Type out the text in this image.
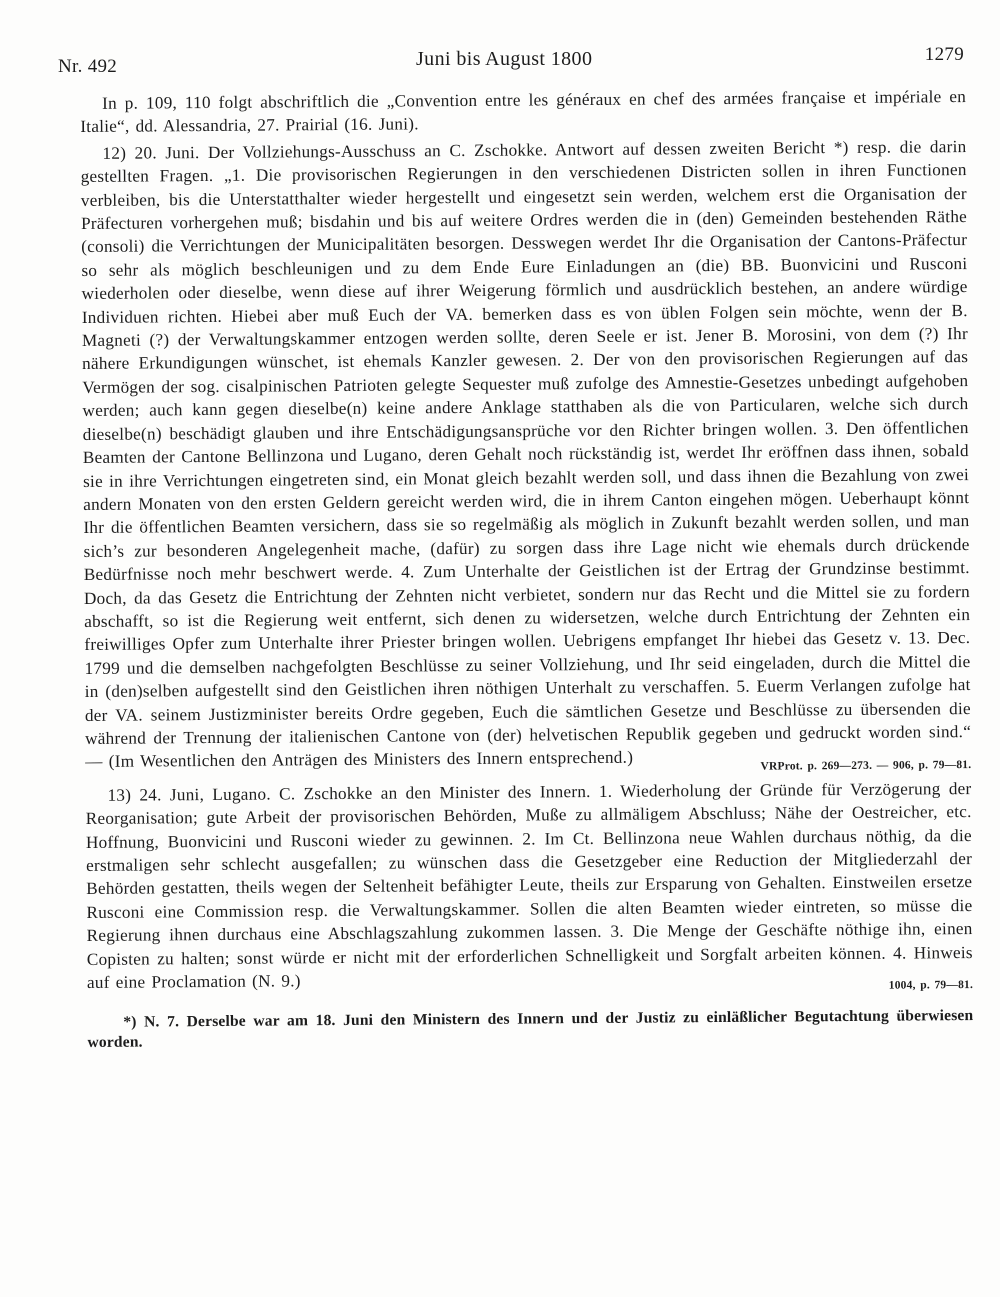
Nr. 492	Juni bis August 1800	1279

In p. 109, 110 folgt abschriftlich die „Convention entre les généraux en chef des armées française et impériale en Italie“, dd. Alessandria, 27. Prairial (16. Juni).

12) 20. Juni. Der Vollziehungs-Ausschuss an C. Zschokke. Antwort auf dessen zweiten Bericht *) resp. die darin gestellten Fragen. „1. Die provisorischen Regierungen in den verschiedenen Districten sollen in ihren Functionen verbleiben, bis die Unterstatthalter wieder hergestellt und eingesetzt sein werden, welchem erst die Organisation der Präfecturen vorhergehen muß; bisdahin und bis auf weitere Ordres werden die in (den) Gemeinden bestehenden Räthe (consoli) die Verrichtungen der Municipalitäten besorgen. Desswegen werdet Ihr die Organisation der Cantons-Präfectur so sehr als möglich beschleunigen und zu dem Ende Eure Einladungen an (die) BB. Buonvicini und Rusconi wiederholen oder dieselbe, wenn diese auf ihrer Weigerung förmlich und ausdrücklich bestehen, an andere würdige Individuen richten. Hiebei aber muß Euch der VA. bemerken dass es von üblen Folgen sein möchte, wenn der B. Magneti (?) der Verwaltungskammer entzogen werden sollte, deren Seele er ist. Jener B. Morosini, von dem (?) Ihr nähere Erkundigungen wünschet, ist ehemals Kanzler gewesen. 2. Der von den provisorischen Regierungen auf das Vermögen der sog. cisalpinischen Patrioten gelegte Sequester muß zufolge des Amnestie-Gesetzes unbedingt aufgehoben werden; auch kann gegen dieselbe(n) keine andere Anklage statthaben als die von Particularen, welche sich durch dieselbe(n) beschädigt glauben und ihre Entschädigungsansprüche vor den Richter bringen wollen. 3. Den öffentlichen Beamten der Cantone Bellinzona und Lugano, deren Gehalt noch rückständig ist, werdet Ihr eröffnen dass ihnen, sobald sie in ihre Verrichtungen eingetreten sind, ein Monat gleich bezahlt werden soll, und dass ihnen die Bezahlung von zwei andern Monaten von den ersten Geldern gereicht werden wird, die in ihrem Canton eingehen mögen. Ueberhaupt könnt Ihr die öffentlichen Beamten versichern, dass sie so regelmäßig als möglich in Zukunft bezahlt werden sollen, und man sich’s zur besonderen Angelegenheit mache, (dafür) zu sorgen dass ihre Lage nicht wie ehemals durch drückende Bedürfnisse noch mehr beschwert werde. 4. Zum Unterhalte der Geistlichen ist der Ertrag der Grundzinse bestimmt. Doch, da das Gesetz die Entrichtung der Zehnten nicht verbietet, sondern nur das Recht und die Mittel sie zu fordern abschafft, so ist die Regierung weit entfernt, sich denen zu widersetzen, welche durch Entrichtung der Zehnten ein freiwilliges Opfer zum Unterhalte ihrer Priester bringen wollen. Uebrigens empfanget Ihr hiebei das Gesetz v. 13. Dec. 1799 und die demselben nachgefolgten Beschlüsse zu seiner Vollziehung, und Ihr seid eingeladen, durch die Mittel die in (den)selben aufgestellt sind den Geistlichen ihren nöthigen Unterhalt zu verschaffen. 5. Euerm Verlangen zufolge hat der VA. seinem Justizminister bereits Ordre gegeben, Euch die sämtlichen Gesetze und Beschlüsse zu übersenden die während der Trennung der italienischen Cantone von (der) helvetischen Republik gegeben und gedruckt worden sind.“ — (Im Wesentlichen den Anträgen des Ministers des Innern entsprechend.)	VRProt. p. 269—273. — 906, p. 79—81.

13) 24. Juni, Lugano. C. Zschokke an den Minister des Innern. 1. Wiederholung der Gründe für Verzögerung der Reorganisation; gute Arbeit der provisorischen Behörden, Muße zu allmäligem Abschluss; Nähe der Oestreicher, etc. Hoffnung, Buonvicini und Rusconi wieder zu gewinnen. 2. Im Ct. Bellinzona neue Wahlen durchaus nöthig, da die erstmaligen sehr schlecht ausgefallen; zu wünschen dass die Gesetzgeber eine Reduction der Mitgliederzahl der Behörden gestatten, theils wegen der Seltenheit befähigter Leute, theils zur Ersparung von Gehalten. Einstweilen ersetze Rusconi eine Commission resp. die Verwaltungskammer. Sollen die alten Beamten wieder eintreten, so müsse die Regierung ihnen durchaus eine Abschlagszahlung zukommen lassen. 3. Die Menge der Geschäfte nöthige ihn, einen Copisten zu halten; sonst würde er nicht mit der erforderlichen Schnelligkeit und Sorgfalt arbeiten können. 4. Hinweis auf eine Proclamation (N. 9.)	1004, p. 79—81.

*) N. 7. Derselbe war am 18. Juni den Ministern des Innern und der Justiz zu einläßlicher Begutachtung überwiesen worden.
